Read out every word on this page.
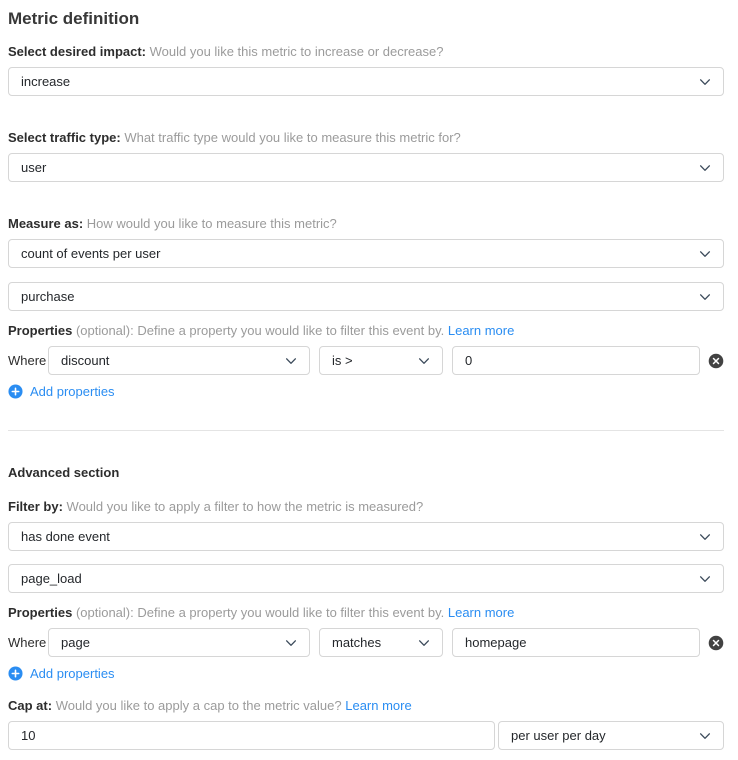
Metric definition
Select desired impact: Would you like this metric to increase or decrease?
increase
Select traffic type: What traffic type would you like to measure this metric for?
user
Measure as: How would you like to measure this metric?
count of events per user
purchase
Properties (optional): Define a property you would like to filter this event by. Learn more
Where discount	is >
0
Add properties
Advanced section
Filter by: Would you like to apply a filter to how the metric is measured?
has done event
page_load
Properties (optional): Define a property you would like to filter this event by. Learn more
Where page	matches
homepage
Add properties
Cap at: Would you like to apply a cap to the metric value? Learn more
10
per user per day
